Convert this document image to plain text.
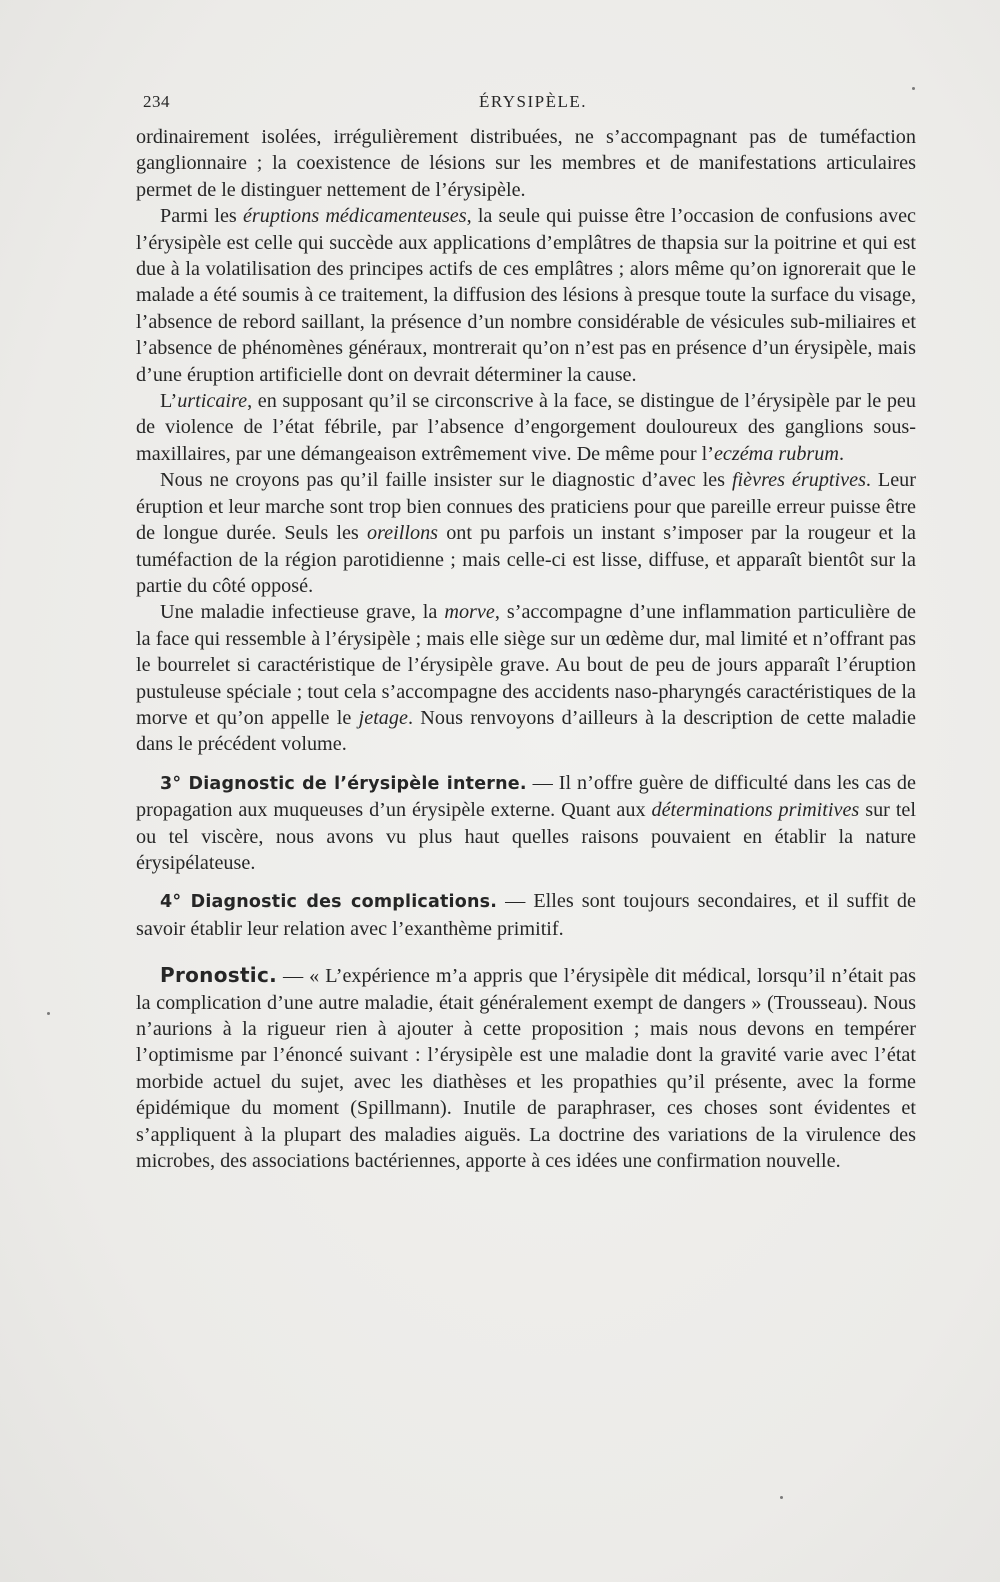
234	ÉRYSIPÈLE.

ordinairement isolées, irrégulièrement distribuées, ne s’accompagnant pas de tuméfaction ganglionnaire ; la coexistence de lésions sur les membres et de manifestations articulaires permet de le distinguer nettement de l’érysipèle.

Parmi les éruptions médicamenteuses, la seule qui puisse être l’occasion de confusions avec l’érysipèle est celle qui succède aux applications d’emplâtres de thapsia sur la poitrine et qui est due à la volatilisation des principes actifs de ces emplâtres ; alors même qu’on ignorerait que le malade a été soumis à ce traitement, la diffusion des lésions à presque toute la surface du visage, l’absence de rebord saillant, la présence d’un nombre considérable de vésicules sub-miliaires et l’absence de phénomènes généraux, montrerait qu’on n’est pas en présence d’un érysipèle, mais d’une éruption artificielle dont on devrait déterminer la cause.

L’urticaire, en supposant qu’il se circonscrive à la face, se distingue de l’érysipèle par le peu de violence de l’état fébrile, par l’absence d’engorgement douloureux des ganglions sous-maxillaires, par une démangeaison extrêmement vive. De même pour l’eczéma rubrum.

Nous ne croyons pas qu’il faille insister sur le diagnostic d’avec les fièvres éruptives. Leur éruption et leur marche sont trop bien connues des praticiens pour que pareille erreur puisse être de longue durée. Seuls les oreillons ont pu parfois un instant s’imposer par la rougeur et la tuméfaction de la région parotidienne ; mais celle-ci est lisse, diffuse, et apparaît bientôt sur la partie du côté opposé.

Une maladie infectieuse grave, la morve, s’accompagne d’une inflammation particulière de la face qui ressemble à l’érysipèle ; mais elle siège sur un œdème dur, mal limité et n’offrant pas le bourrelet si caractéristique de l’érysipèle grave. Au bout de peu de jours apparaît l’éruption pustuleuse spéciale ; tout cela s’accompagne des accidents naso-pharyngés caractéristiques de la morve et qu’on appelle le jetage. Nous renvoyons d’ailleurs à la description de cette maladie dans le précédent volume.

3° Diagnostic de l’érysipèle interne. — Il n’offre guère de difficulté dans les cas de propagation aux muqueuses d’un érysipèle externe. Quant aux déterminations primitives sur tel ou tel viscère, nous avons vu plus haut quelles raisons pouvaient en établir la nature érysipélateuse.

4° Diagnostic des complications. — Elles sont toujours secondaires, et il suffit de savoir établir leur relation avec l’exanthème primitif.

Pronostic. — « L’expérience m’a appris que l’érysipèle dit médical, lorsqu’il n’était pas la complication d’une autre maladie, était généralement exempt de dangers » (Trousseau). Nous n’aurions à la rigueur rien à ajouter à cette proposition ; mais nous devons en tempérer l’optimisme par l’énoncé suivant : l’érysipèle est une maladie dont la gravité varie avec l’état morbide actuel du sujet, avec les diathèses et les propathies qu’il présente, avec la forme épidémique du moment (Spillmann). Inutile de paraphraser, ces choses sont évidentes et s’appliquent à la plupart des maladies aiguës. La doctrine des variations de la virulence des microbes, des associations bactériennes, apporte à ces idées une confirmation nouvelle.
